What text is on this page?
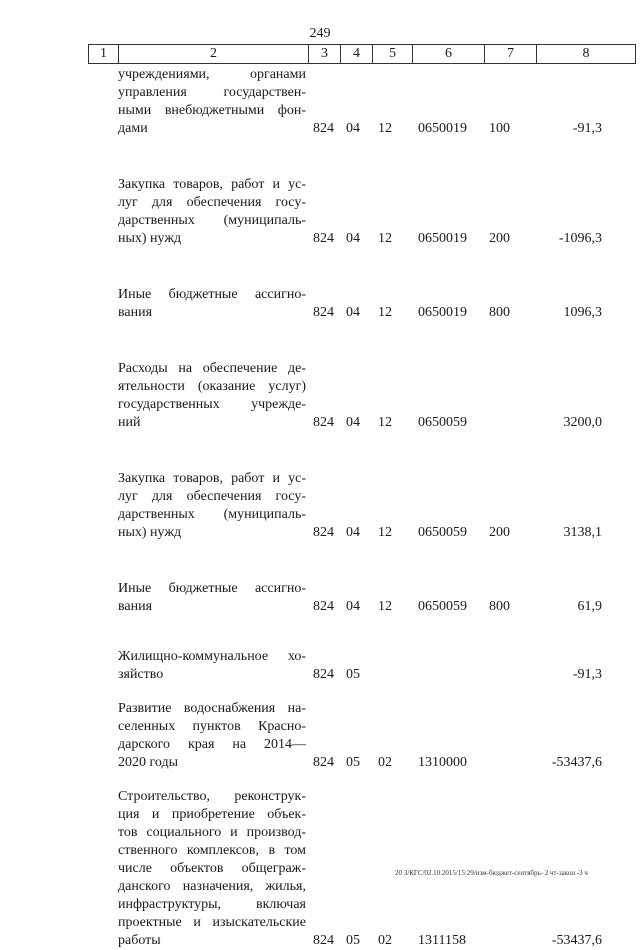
249
1	2	3	4	5	6	7	8
учреждениями, органами
управления государствен-
ными внебюджетными фон-
дами	824 04 12 0650019 100	-91,3
Закупка товаров, работ и ус-
луг для обеспечения госу-
дарственных (муниципаль-
ных) нужд	824 04 12 0650019 200	-1096,3
Иные бюджетные ассигно-
вания	824 04 12 0650019 800	1096,3
Расходы на обеспечение де-
ятельности (оказание услуг)
государственных учрежде-
ний	824 04 12 0650059	3200,0
Закупка товаров, работ и ус-
луг для обеспечения госу-
дарственных (муниципаль-
ных) нужд	824 04 12 0650059 200	3138,1
Иные бюджетные ассигно-
вания	824 04 12 0650059 800	61,9
Жилищно-коммунальное хо-
зяйство	824 05	-91,3
Развитие водоснабжения на-
селенных пунктов Красно-
дарского края на 2014—
2020 годы	824 05 02 1310000	-53437,6
Строительство, реконструк-
ция и приобретение объек-
тов социального и производ-
ственного комплексов, в том
числе объектов общеграж-
данского назначения, жилья,
инфраструктуры, включая
проектные и изыскательские
работы	824 05 02 1311158	-53437,6
20 3/КГС/02.10.2015/15:29/изм-бюджет-сентябрь- 2 чт-закон -3 ч
